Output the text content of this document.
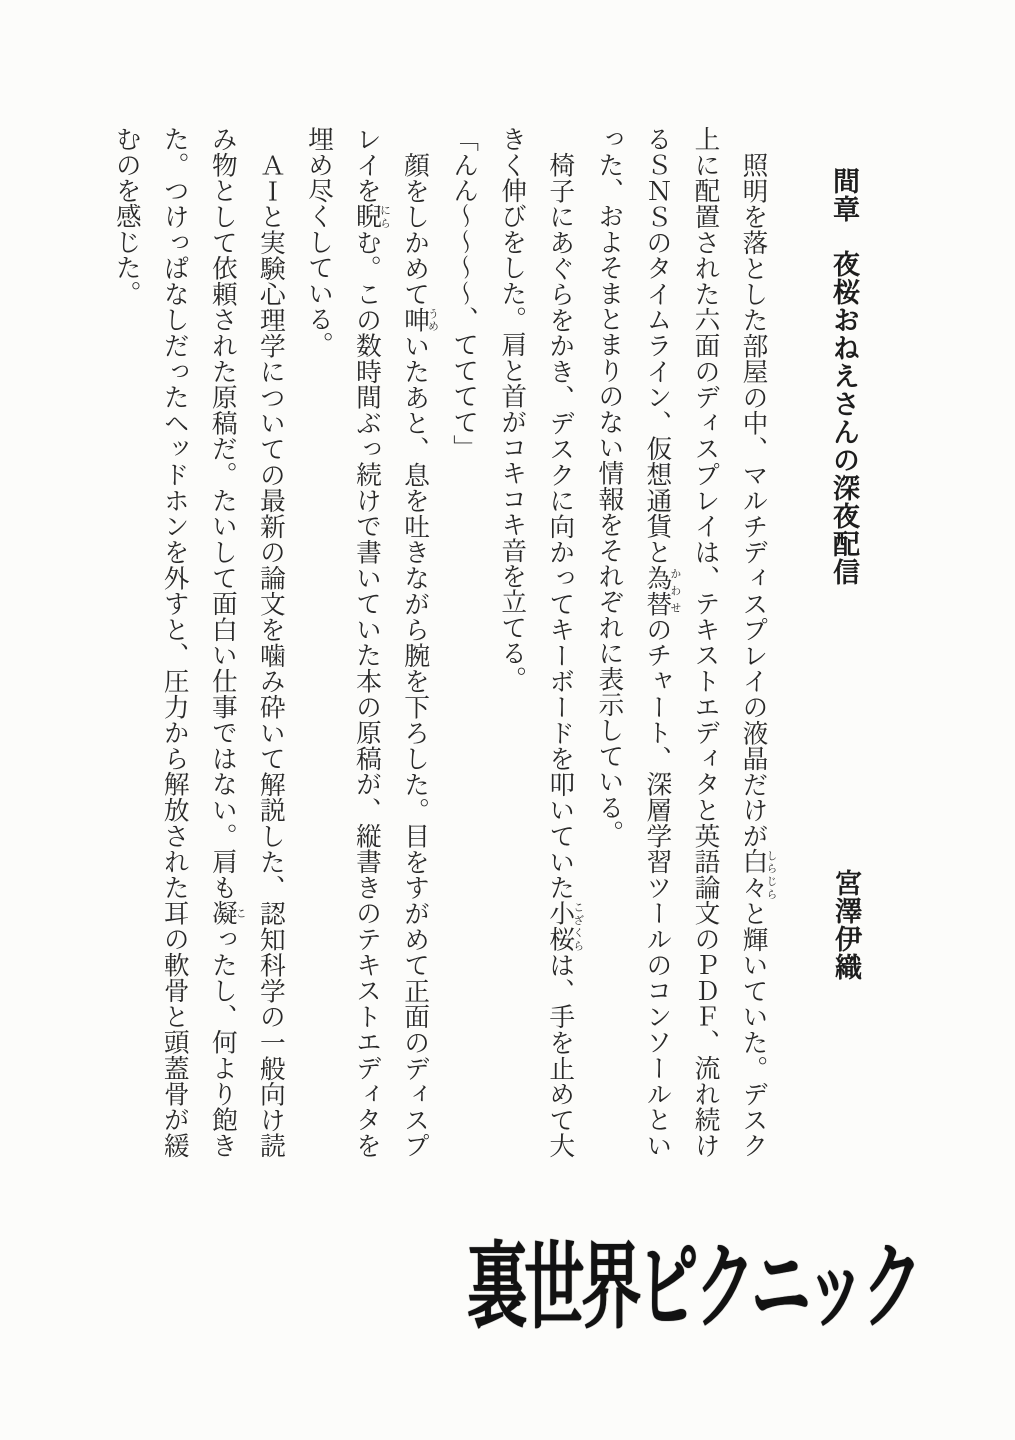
間章夜桜おねえさんの深夜配信
宮澤伊織

照明を落とした部屋の中、マルチディスプレイの液晶だけが白々しらじらと輝いていた。デスク上に配置された六面のディスプレイは、テキストエディタと英語論文のＰＤＦ、流れ続けるＳＮＳのタイムライン、仮想通貨と為替かわせのチャート、深層学習ツールのコンソールといった、およそまとまりのない情報をそれぞれに表示している。

椅子にあぐらをかき、デスクに向かってキーボードを叩いていた小桜こざくらは、手を止めて大きく伸びをした。肩と首がコキコキ音を立てる。

「んん〜〜〜〜、てててて」

顔をしかめて呻うめいたあと、息を吐きながら腕を下ろした。目をすがめて正面のディスプレイを睨にらむ。この数時間ぶっ続けで書いていた本の原稿が、縦書きのテキストエディタを埋め尽くしている。

ＡＩと実験心理学についての最新の論文を噛み砕いて解説した、認知科学の一般向け読み物として依頼された原稿だ。たいして面白い仕事ではない。肩も凝こったし、何より飽きた。つけっぱなしだったヘッドホンを外すと、圧力から解放された耳の軟骨と頭蓋骨が緩むのを感じた。

裏世界ピクニック
